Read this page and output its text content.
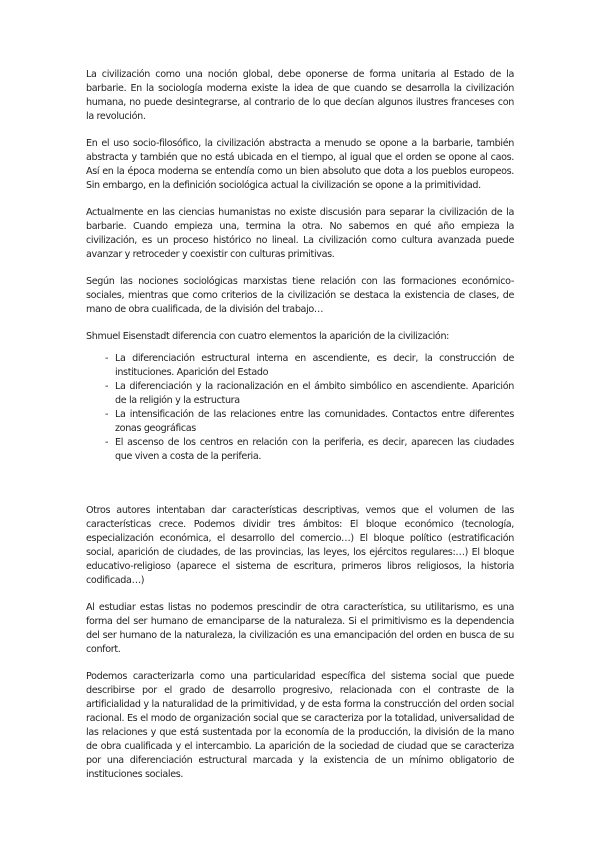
La civilización como una noción global, debe oponerse de forma unitaria al Estado de la barbarie. En la sociología moderna existe la idea de que cuando se desarrolla la civilización humana, no puede desintegrarse, al contrario de lo que decían algunos ilustres franceses con la revolución.

En el uso socio-filosófico, la civilización abstracta a menudo se opone a la barbarie, también abstracta y también que no está ubicada en el tiempo, al igual que el orden se opone al caos. Así en la época moderna se entendía como un bien absoluto que dota a los pueblos europeos. Sin embargo, en la definición sociológica actual la civilización se opone a la primitividad.

Actualmente en las ciencias humanistas no existe discusión para separar la civilización de la barbarie. Cuando empieza una, termina la otra. No sabemos en qué año empieza la civilización, es un proceso histórico no lineal. La civilización como cultura avanzada puede avanzar y retroceder y coexistir con culturas primitivas.

Según las nociones sociológicas marxistas tiene relación con las formaciones económico-sociales, mientras que como criterios de la civilización se destaca la existencia de clases, de mano de obra cualificada, de la división del trabajo…

Shmuel Eisenstadt diferencia con cuatro elementos la aparición de la civilización:

- La diferenciación estructural interna en ascendiente, es decir, la construcción de instituciones. Aparición del Estado
- La diferenciación y la racionalización en el ámbito simbólico en ascendiente. Aparición de la religión y la estructura
- La intensificación de las relaciones entre las comunidades. Contactos entre diferentes zonas geográficas
- El ascenso de los centros en relación con la periferia, es decir, aparecen las ciudades que viven a costa de la periferia.

Otros autores intentaban dar características descriptivas, vemos que el volumen de las características crece. Podemos dividir tres ámbitos: El bloque económico (tecnología, especialización económica, el desarrollo del comercio…) El bloque político (estratificación social, aparición de ciudades, de las provincias, las leyes, los ejércitos regulares:…) El bloque educativo-religioso (aparece el sistema de escritura, primeros libros religiosos, la historia codificada…)

Al estudiar estas listas no podemos prescindir de otra característica, su utilitarismo, es una forma del ser humano de emanciparse de la naturaleza. Si el primitivismo es la dependencia del ser humano de la naturaleza, la civilización es una emancipación del orden en busca de su confort.

Podemos caracterizarla como una particularidad específica del sistema social que puede describirse por el grado de desarrollo progresivo, relacionada con el contraste de la artificialidad y la naturalidad de la primitividad, y de esta forma la construcción del orden social racional. Es el modo de organización social que se caracteriza por la totalidad, universalidad de las relaciones y que está sustentada por la economía de la producción, la división de la mano de obra cualificada y el intercambio. La aparición de la sociedad de ciudad que se caracteriza por una diferenciación estructural marcada y la existencia de un mínimo obligatorio de instituciones sociales.
